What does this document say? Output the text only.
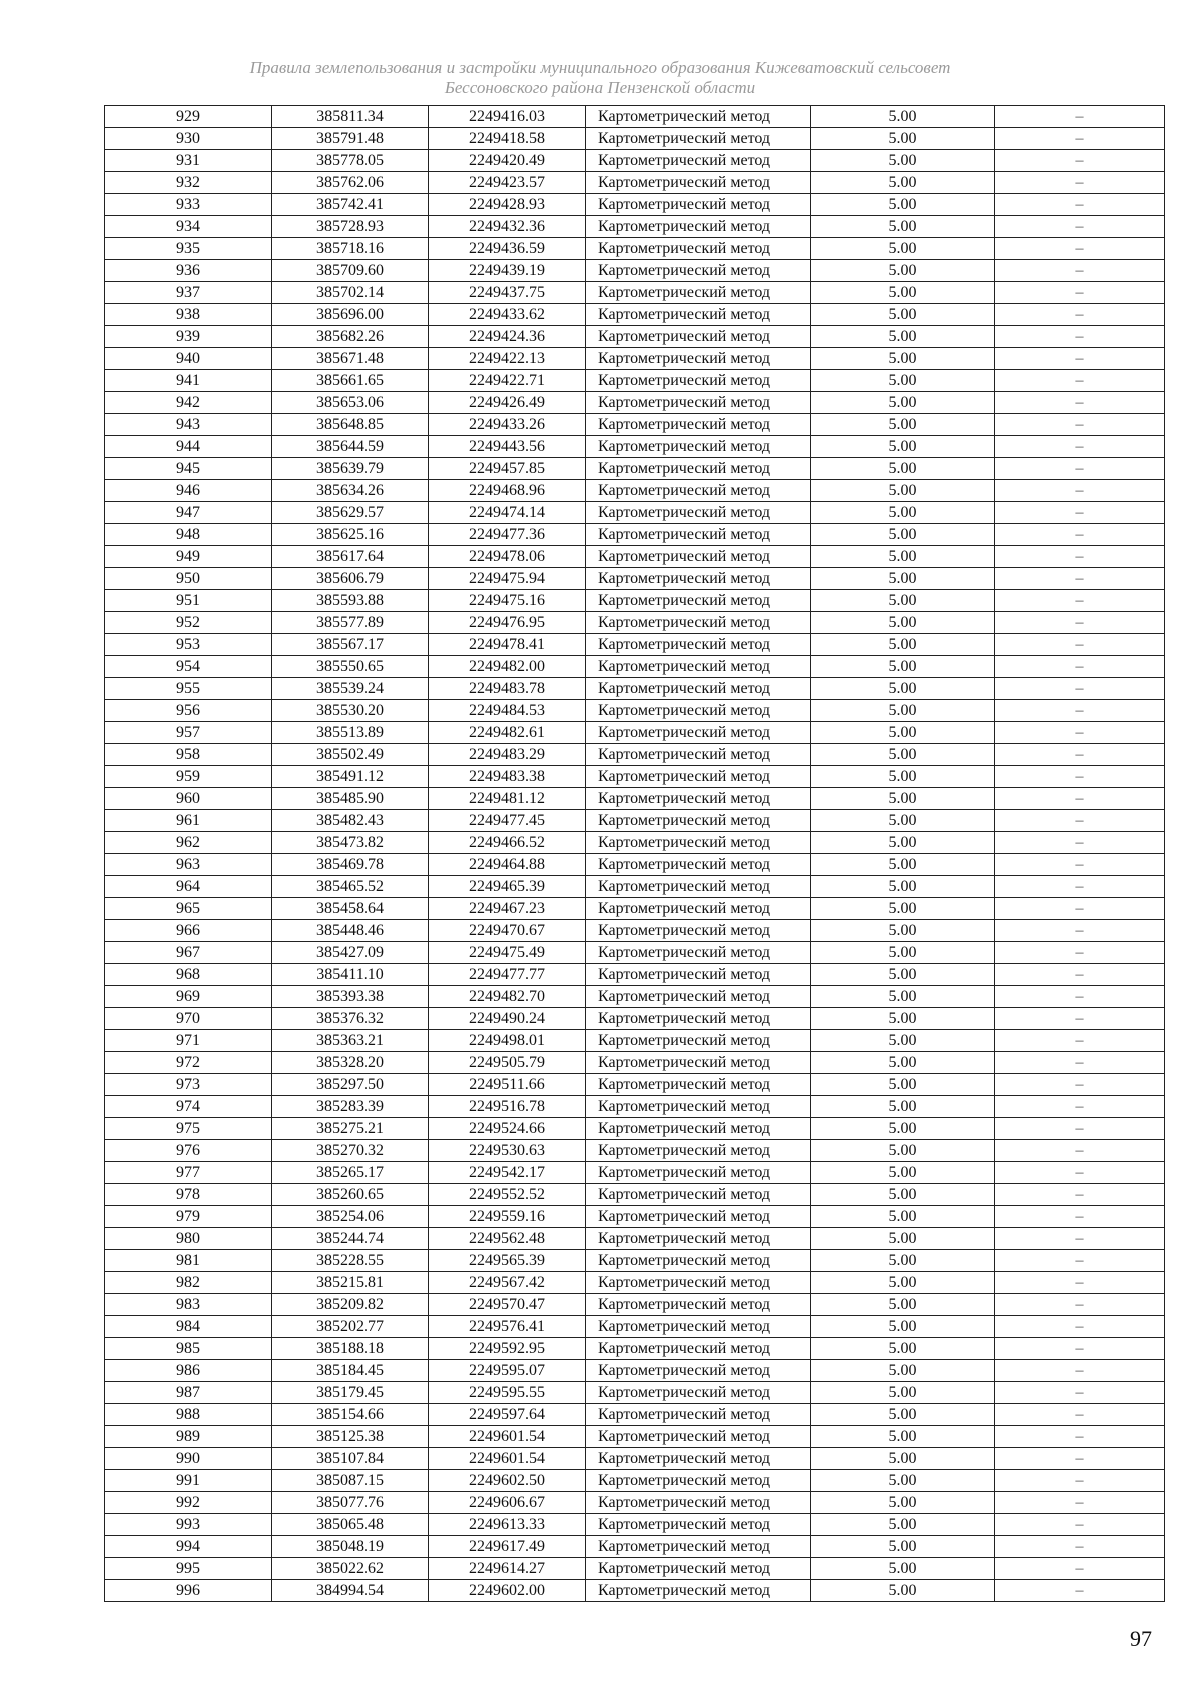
Правила землепользования и застройки муниципального образования Кижеватовский сельсовет
Бессоновского района Пензенской области
929	385811.34	2249416.03	Картометрический метод	5.00	–
930	385791.48	2249418.58	Картометрический метод	5.00	–
931	385778.05	2249420.49	Картометрический метод	5.00	–
932	385762.06	2249423.57	Картометрический метод	5.00	–
933	385742.41	2249428.93	Картометрический метод	5.00	–
934	385728.93	2249432.36	Картометрический метод	5.00	–
935	385718.16	2249436.59	Картометрический метод	5.00	–
936	385709.60	2249439.19	Картометрический метод	5.00	–
937	385702.14	2249437.75	Картометрический метод	5.00	–
938	385696.00	2249433.62	Картометрический метод	5.00	–
939	385682.26	2249424.36	Картометрический метод	5.00	–
940	385671.48	2249422.13	Картометрический метод	5.00	–
941	385661.65	2249422.71	Картометрический метод	5.00	–
942	385653.06	2249426.49	Картометрический метод	5.00	–
943	385648.85	2249433.26	Картометрический метод	5.00	–
944	385644.59	2249443.56	Картометрический метод	5.00	–
945	385639.79	2249457.85	Картометрический метод	5.00	–
946	385634.26	2249468.96	Картометрический метод	5.00	–
947	385629.57	2249474.14	Картометрический метод	5.00	–
948	385625.16	2249477.36	Картометрический метод	5.00	–
949	385617.64	2249478.06	Картометрический метод	5.00	–
950	385606.79	2249475.94	Картометрический метод	5.00	–
951	385593.88	2249475.16	Картометрический метод	5.00	–
952	385577.89	2249476.95	Картометрический метод	5.00	–
953	385567.17	2249478.41	Картометрический метод	5.00	–
954	385550.65	2249482.00	Картометрический метод	5.00	–
955	385539.24	2249483.78	Картометрический метод	5.00	–
956	385530.20	2249484.53	Картометрический метод	5.00	–
957	385513.89	2249482.61	Картометрический метод	5.00	–
958	385502.49	2249483.29	Картометрический метод	5.00	–
959	385491.12	2249483.38	Картометрический метод	5.00	–
960	385485.90	2249481.12	Картометрический метод	5.00	–
961	385482.43	2249477.45	Картометрический метод	5.00	–
962	385473.82	2249466.52	Картометрический метод	5.00	–
963	385469.78	2249464.88	Картометрический метод	5.00	–
964	385465.52	2249465.39	Картометрический метод	5.00	–
965	385458.64	2249467.23	Картометрический метод	5.00	–
966	385448.46	2249470.67	Картометрический метод	5.00	–
967	385427.09	2249475.49	Картометрический метод	5.00	–
968	385411.10	2249477.77	Картометрический метод	5.00	–
969	385393.38	2249482.70	Картометрический метод	5.00	–
970	385376.32	2249490.24	Картометрический метод	5.00	–
971	385363.21	2249498.01	Картометрический метод	5.00	–
972	385328.20	2249505.79	Картометрический метод	5.00	–
973	385297.50	2249511.66	Картометрический метод	5.00	–
974	385283.39	2249516.78	Картометрический метод	5.00	–
975	385275.21	2249524.66	Картометрический метод	5.00	–
976	385270.32	2249530.63	Картометрический метод	5.00	–
977	385265.17	2249542.17	Картометрический метод	5.00	–
978	385260.65	2249552.52	Картометрический метод	5.00	–
979	385254.06	2249559.16	Картометрический метод	5.00	–
980	385244.74	2249562.48	Картометрический метод	5.00	–
981	385228.55	2249565.39	Картометрический метод	5.00	–
982	385215.81	2249567.42	Картометрический метод	5.00	–
983	385209.82	2249570.47	Картометрический метод	5.00	–
984	385202.77	2249576.41	Картометрический метод	5.00	–
985	385188.18	2249592.95	Картометрический метод	5.00	–
986	385184.45	2249595.07	Картометрический метод	5.00	–
987	385179.45	2249595.55	Картометрический метод	5.00	–
988	385154.66	2249597.64	Картометрический метод	5.00	–
989	385125.38	2249601.54	Картометрический метод	5.00	–
990	385107.84	2249601.54	Картометрический метод	5.00	–
991	385087.15	2249602.50	Картометрический метод	5.00	–
992	385077.76	2249606.67	Картометрический метод	5.00	–
993	385065.48	2249613.33	Картометрический метод	5.00	–
994	385048.19	2249617.49	Картометрический метод	5.00	–
995	385022.62	2249614.27	Картометрический метод	5.00	–
996	384994.54	2249602.00	Картометрический метод	5.00	–
97
